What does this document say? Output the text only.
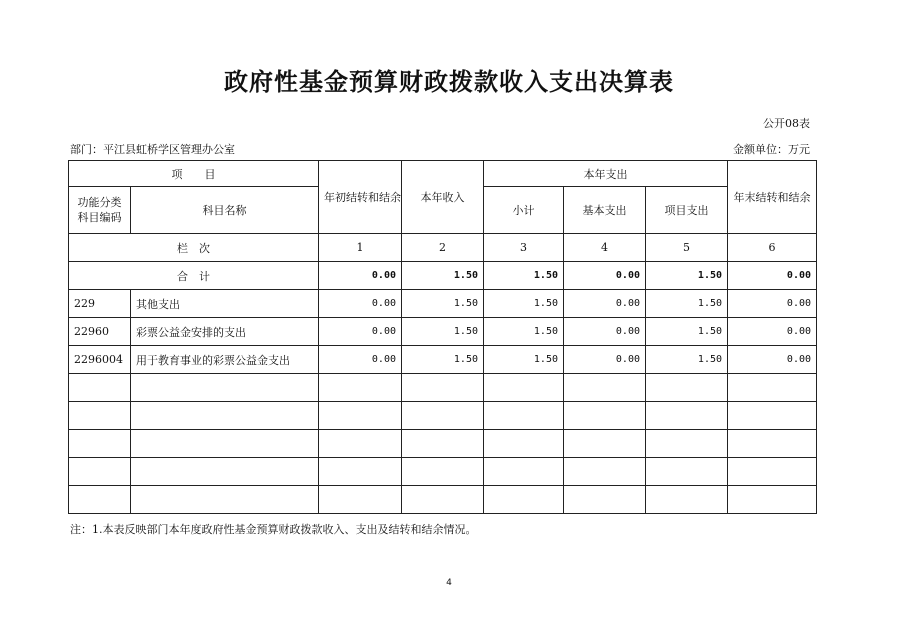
政府性基金预算财政拨款收入支出决算表
公开08表
部门：平江县虹桥学区管理办公室	金额单位：万元
项　　目		年初结转和结余	本年收入	本年支出			年末结转和结余
功能分类 科目编码	科目名称			小计	基本支出	项目支出	
栏　次		1	2	3	4	5	6
合　计		0.00	1.50	1.50	0.00	1.50	0.00
229	其他支出	0.00	1.50	1.50	0.00	1.50	0.00
22960	彩票公益金安排的支出	0.00	1.50	1.50	0.00	1.50	0.00
2296004	用于教育事业的彩票公益金支出	0.00	1.50	1.50	0.00	1.50	0.00

注：1.本表反映部门本年度政府性基金预算财政拨款收入、支出及结转和结余情况。
4
